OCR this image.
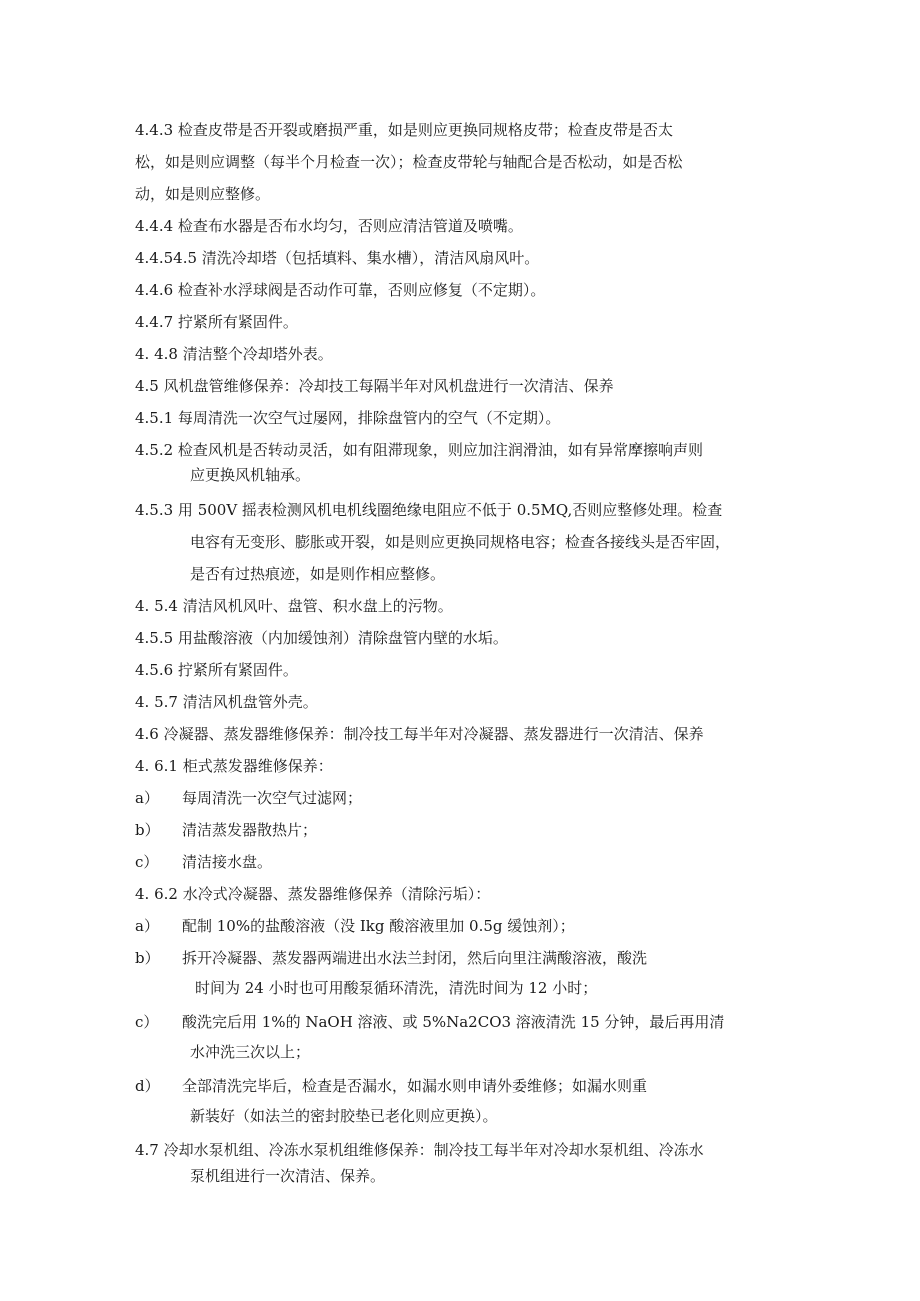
4.4.3 检查皮带是否开裂或磨损严重，如是则应更换同规格皮带；检查皮带是否太
松，如是则应调整（每半个月检查一次）；检查皮带轮与轴配合是否松动，如是否松
动，如是则应整修。
4.4.4 检查布水器是否布水均匀，否则应清洁管道及喷嘴。
4.4.54.5 清洗冷却塔（包括填料、集水槽），清洁风扇风叶。
4.4.6 检查补水浮球阀是否动作可靠，否则应修复（不定期）。
4.4.7 拧紧所有紧固件。
4. 4.8 清洁整个冷却塔外表。
4.5 风机盘管维修保养：冷却技工每隔半年对风机盘进行一次清洁、保养
4.5.1 每周清洗一次空气过屡网，排除盘管内的空气（不定期）。
4.5.2 检查风机是否转动灵活，如有阻滞现象，则应加注润滑油，如有异常摩擦响声则
应更换风机轴承。
4.5.3 用 500V 摇表检测风机电机线圈绝缘电阻应不低于 0.5MQ,否则应整修处理。检查
电容有无变形、膨胀或开裂，如是则应更换同规格电容；检查各接线头是否牢固，
是否有过热痕迹，如是则作相应整修。
4. 5.4 清洁风机风叶、盘管、积水盘上的污物。
4.5.5 用盐酸溶液（内加缓蚀剂）清除盘管内壁的水垢。
4.5.6 拧紧所有紧固件。
4. 5.7 清洁风机盘管外壳。
4.6 冷凝器、蒸发器维修保养：制冷技工每半年对冷凝器、蒸发器进行一次清洁、保养
4. 6.1 柜式蒸发器维修保养：
a） 每周清洗一次空气过滤网；
b） 清洁蒸发器散热片；
c） 清洁接水盘。
4. 6.2 水冷式冷凝器、蒸发器维修保养（清除污垢）：
a） 配制 10%的盐酸溶液（没 Ikg 酸溶液里加 0.5g 缓蚀剂）；
b） 拆开冷凝器、蒸发器两端进出水法兰封闭，然后向里注满酸溶液，酸洗
时间为 24 小时也可用酸泵循环清洗，清洗时间为 12 小时；
c） 酸洗完后用 1%的 NaOH 溶液、或 5%Na2CO3 溶液清洗 15 分钟，最后再用清
水冲洗三次以上；
d） 全部清洗完毕后，检查是否漏水，如漏水则申请外委维修；如漏水则重
新装好（如法兰的密封胶垫已老化则应更换）。
4.7 冷却水泵机组、冷冻水泵机组维修保养：制冷技工每半年对冷却水泵机组、冷冻水
泵机组进行一次清洁、保养。
